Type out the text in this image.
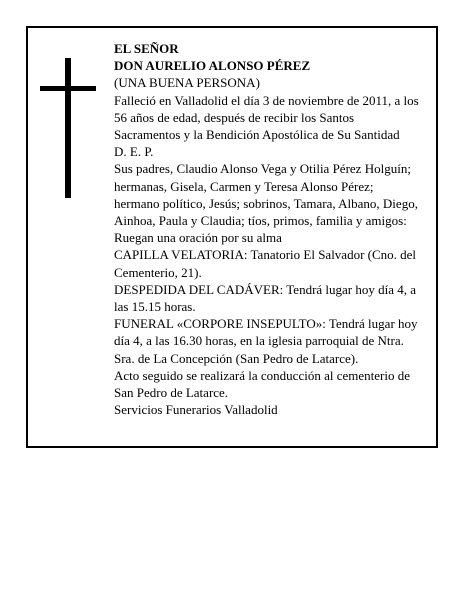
EL SEÑOR

DON AURELIO ALONSO PÉREZ

(UNA BUENA PERSONA)

Falleció en Valladolid el día 3 de noviembre de 2011, a los 56 años de edad, después de recibir los Santos Sacramentos y la Bendición Apostólica de Su Santidad

D. E. P.

Sus padres, Claudio Alonso Vega y Otilia Pérez Holguín; hermanas, Gisela, Carmen y Teresa Alonso Pérez; hermano político, Jesús; sobrinos, Tamara, Albano, Diego, Ainhoa, Paula y Claudia; tíos, primos, familia y amigos:

Ruegan una oración por su alma

CAPILLA VELATORIA: Tanatorio El Salvador (Cno. del Cementerio, 21).

DESPEDIDA DEL CADÁVER: Tendrá lugar hoy día 4, a las 15.15 horas.

FUNERAL «CORPORE INSEPULTO»: Tendrá lugar hoy día 4, a las 16.30 horas, en la iglesia parroquial de Ntra. Sra. de La Concepción (San Pedro de Latarce).

Acto seguido se realizará la conducción al cementerio de San Pedro de Latarce.

Servicios Funerarios Valladolid
